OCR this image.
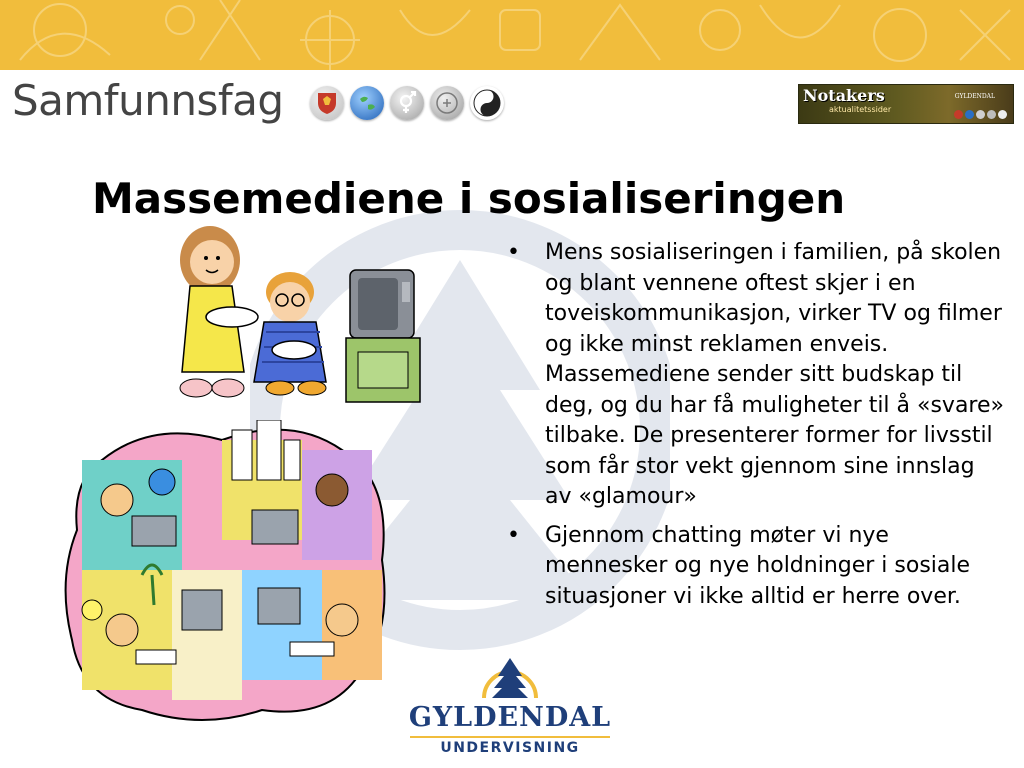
Samfunnsfag	Notakers
aktualitetssider
GYLDENDAL
Massemediene i sosialiseringen
• Mens sosialiseringen i familien, på skolen og blant vennene oftest skjer i en toveiskommunikasjon, virker TV og filmer og ikke minst reklamen enveis. Massemediene sender sitt budskap til deg, og du har få muligheter til å «svare» tilbake. De presenterer former for livsstil som får stor vekt gjennom sine innslag av «glamour»
• Gjennom chatting møter vi nye mennesker og nye holdninger i sosiale situasjoner vi ikke alltid er herre over.
GYLDENDAL
UNDERVISNING
